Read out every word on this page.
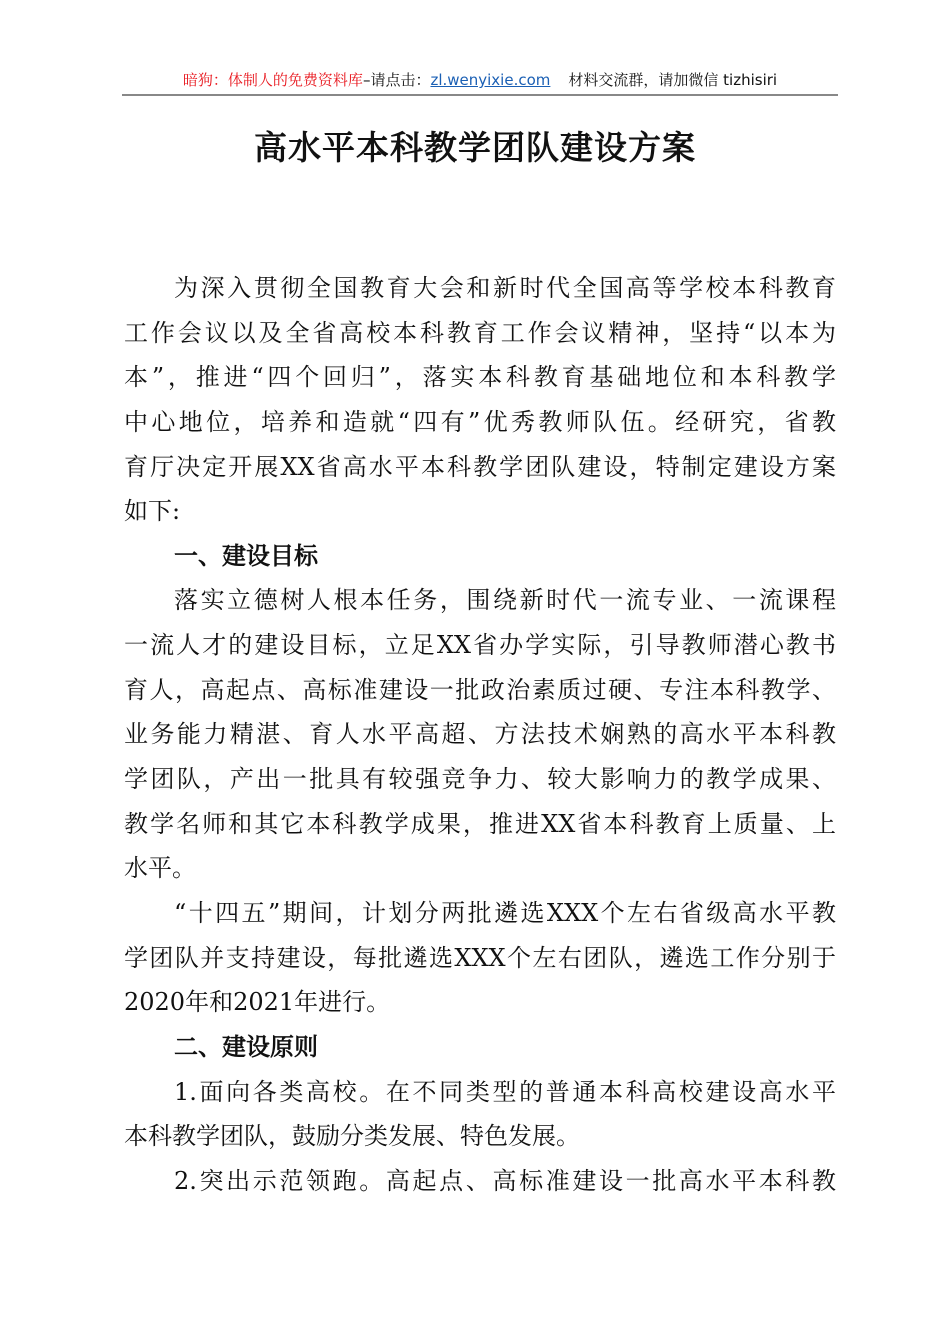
暗狗：体制人的免费资料库–请点击：zl.wenyixie.com 材料交流群，请加微信 tizhisiri
高水平本科教学团队建设方案
为深入贯彻全国教育大会和新时代全国高等学校本科教育
工作会议以及全省高校本科教育工作会议精神，坚持“以本为
本”，推进“四个回归”，落实本科教育基础地位和本科教学
中心地位，培养和造就“四有”优秀教师队伍。经研究，省教
育厅决定开展XX省高水平本科教学团队建设，特制定建设方案
如下:
一、建设目标
落实立德树人根本任务，围绕新时代一流专业、一流课程
一流人才的建设目标，立足XX省办学实际，引导教师潜心教书
育人，高起点、高标准建设一批政治素质过硬、专注本科教学、
业务能力精湛、育人水平高超、方法技术娴熟的高水平本科教
学团队，产出一批具有较强竞争力、较大影响力的教学成果、
教学名师和其它本科教学成果，推进XX省本科教育上质量、上
水平。
“十四五”期间，计划分两批遴选XXX个左右省级高水平教
学团队并支持建设，每批遴选XXX个左右团队，遴选工作分别于
2020年和2021年进行。
二、建设原则
1.面向各类高校。在不同类型的普通本科高校建设高水平
本科教学团队，鼓励分类发展、特色发展。
2.突出示范领跑。高起点、高标准建设一批高水平本科教
